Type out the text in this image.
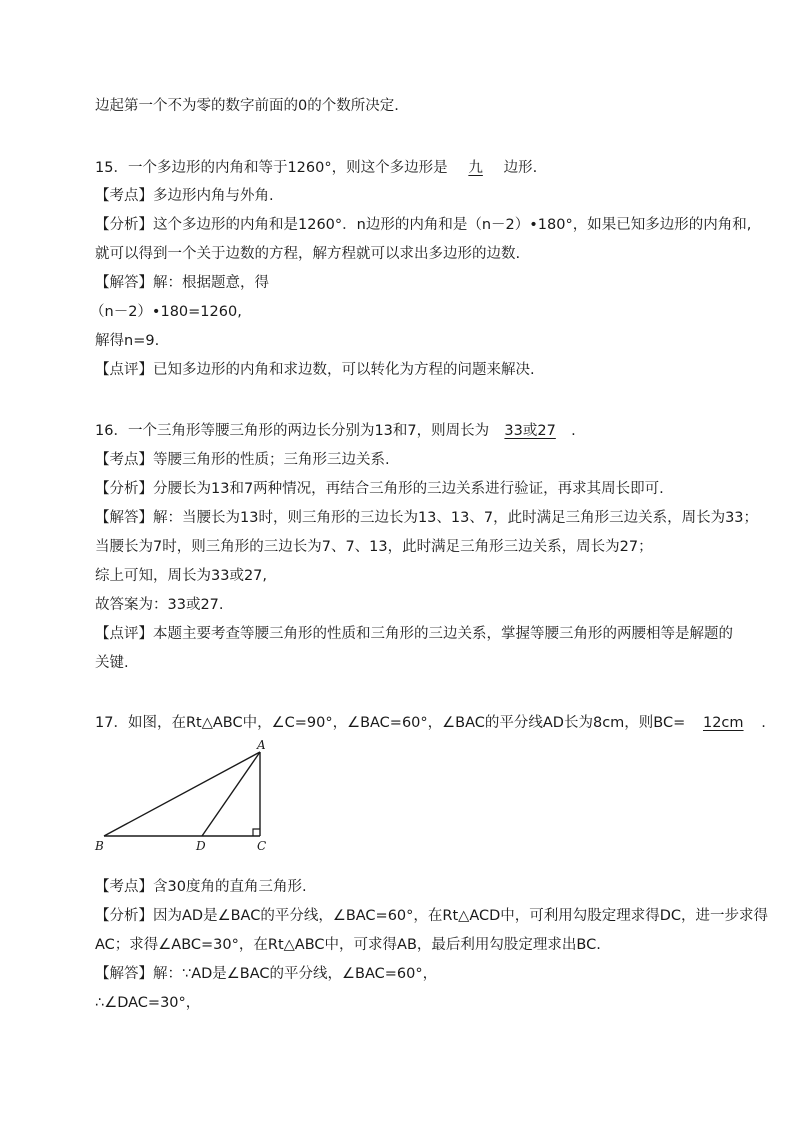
边起第一个不为零的数字前面的0的个数所决定.
15．一个多边形的内角和等于1260°，则这个多边形是 九 边形.
【考点】多边形内角与外角.
【分析】这个多边形的内角和是1260°．n边形的内角和是（n－2）•180°，如果已知多边形的内角和,
就可以得到一个关于边数的方程，解方程就可以求出多边形的边数.
【解答】解：根据题意，得
（n－2）•180=1260,
解得n=9.
【点评】已知多边形的内角和求边数，可以转化为方程的问题来解决.
16．一个三角形等腰三角形的两边长分别为13和7，则周长为 33或27 .
【考点】等腰三角形的性质；三角形三边关系.
【分析】分腰长为13和7两种情况，再结合三角形的三边关系进行验证，再求其周长即可.
【解答】解：当腰长为13时，则三角形的三边长为13、13、7，此时满足三角形三边关系，周长为33；
当腰长为7时，则三角形的三边长为7、7、13，此时满足三角形三边关系，周长为27；
综上可知，周长为33或27,
故答案为：33或27.
【点评】本题主要考查等腰三角形的性质和三角形的三边关系，掌握等腰三角形的两腰相等是解题的
关键.
17．如图，在Rt△ABC中，∠C=90°，∠BAC=60°，∠BAC的平分线AD长为8cm，则BC= 12cm .
A
B	D	C
【考点】含30度角的直角三角形.
【分析】因为AD是∠BAC的平分线，∠BAC=60°，在Rt△ACD中，可利用勾股定理求得DC，进一步求得
AC；求得∠ABC=30°，在Rt△ABC中，可求得AB，最后利用勾股定理求出BC.
【解答】解：∵AD是∠BAC的平分线，∠BAC=60°，
∴∠DAC=30°，
